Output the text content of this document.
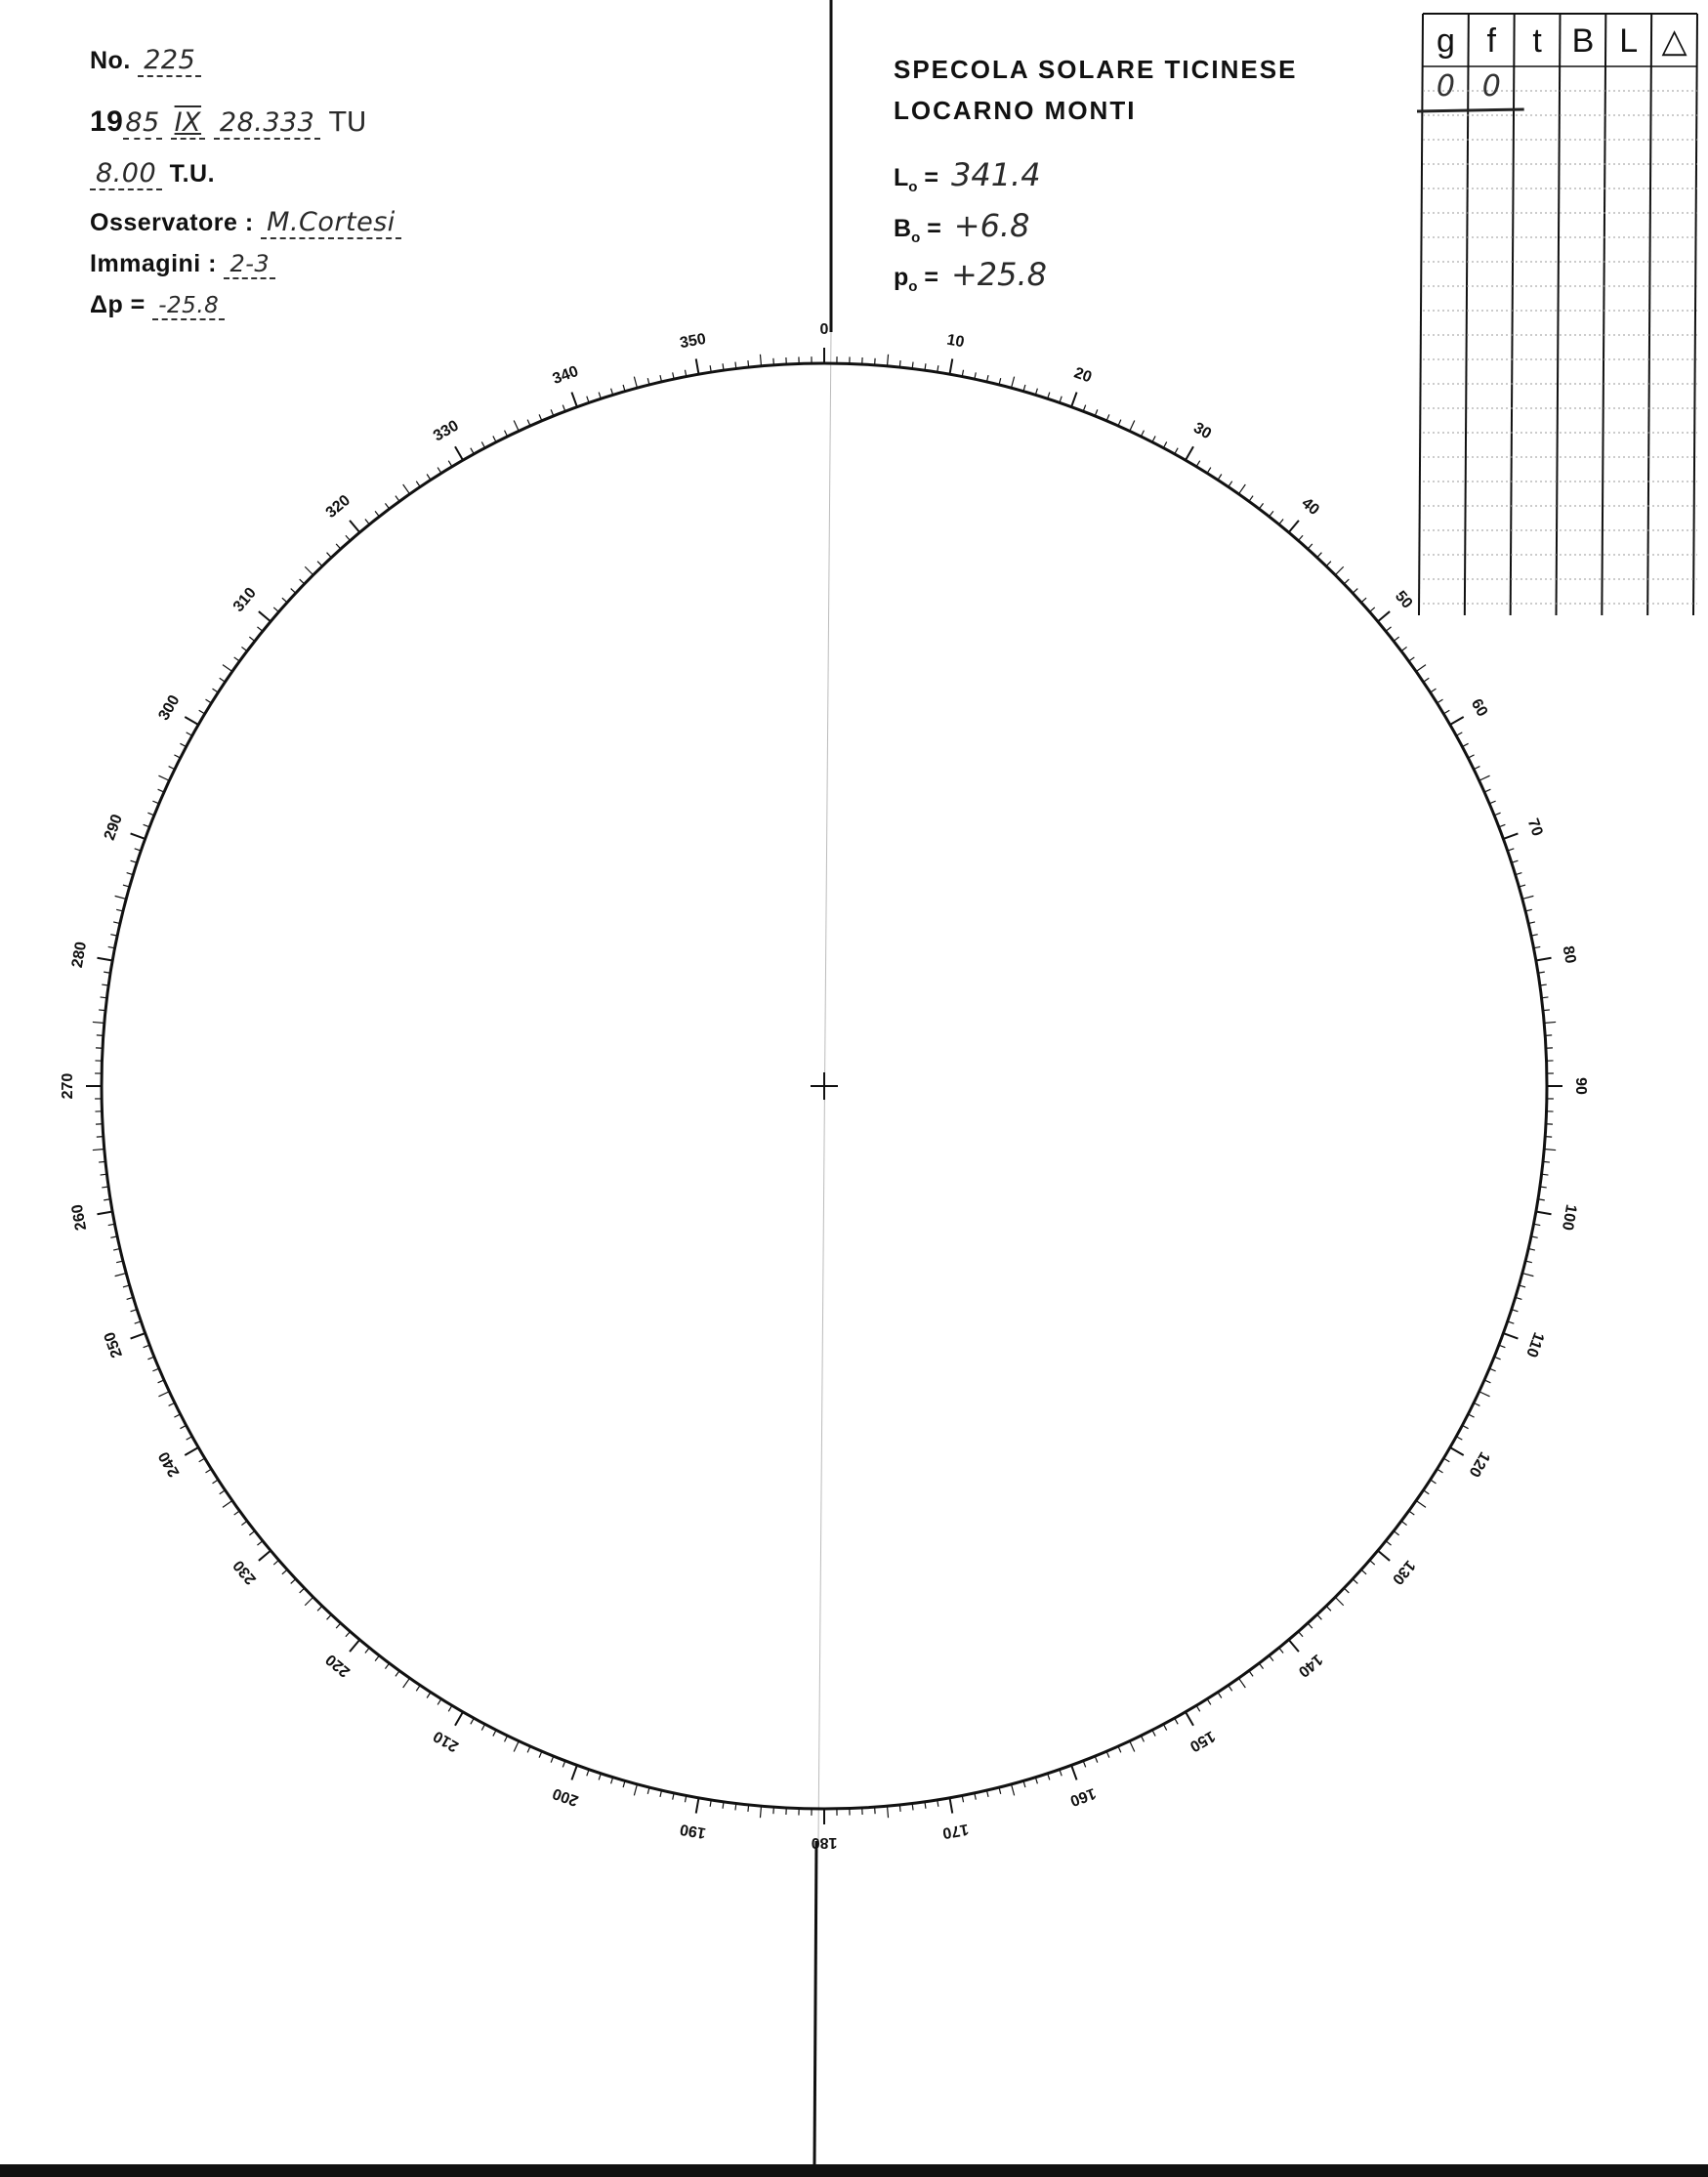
No. 225
1985 IX 28.333 TU
8.00 T.U.
Osservatore : M.Cortesi
Immagini : 2-3
Δp = -25.8
SPECOLA SOLARE TICINESE
LOCARNO MONTI
$L_o = 341.4$
$B_o = +6.8$
$p_o = +25.8$
0
10
20
30
40
50
60
70
80
90
100
110
120
130
140
150
160
170
180
190
200
210
220
230
240
250
260
270
280
290
300
310
320
330
340
350
g f t B L △
0 0
